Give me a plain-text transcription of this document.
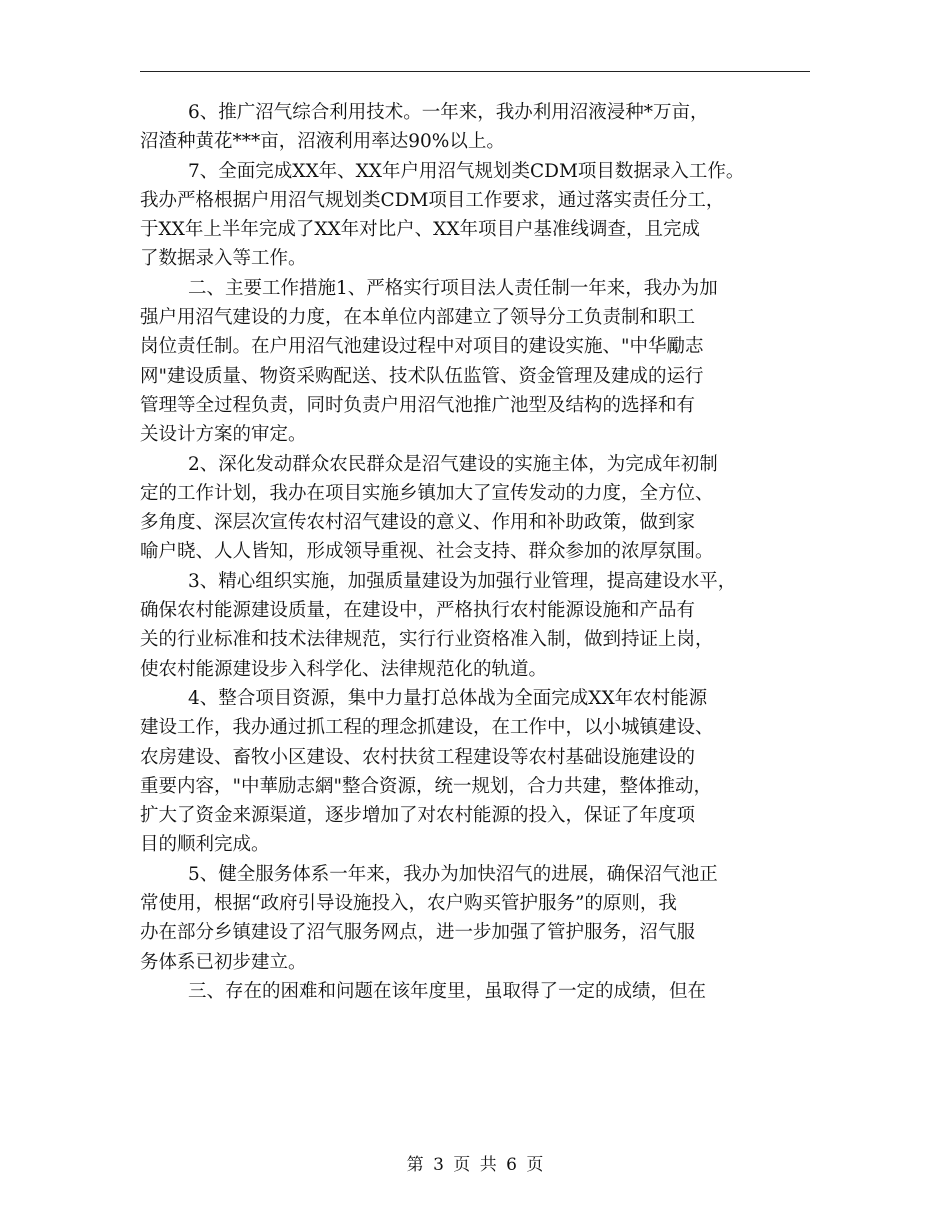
6、推广沼气综合利用技术。一年来，我办利用沼液浸种*万亩，
沼渣种黄花***亩，沼液利用率达90%以上。
7、全面完成XX年、XX年户用沼气规划类CDM项目数据录入工作。
我办严格根据户用沼气规划类CDM项目工作要求，通过落实责任分工，
于XX年上半年完成了XX年对比户、XX年项目户基准线调查，且完成
了数据录入等工作。
二、主要工作措施1、严格实行项目法人责任制一年来，我办为加
强户用沼气建设的力度，在本单位内部建立了领导分工负责制和职工
岗位责任制。在户用沼气池建设过程中对项目的建设实施、"中华勵志
网"建设质量、物资采购配送、技术队伍监管、资金管理及建成的运行
管理等全过程负责，同时负责户用沼气池推广池型及结构的选择和有
关设计方案的审定。
2、深化发动群众农民群众是沼气建设的实施主体，为完成年初制
定的工作计划，我办在项目实施乡镇加大了宣传发动的力度，全方位、
多角度、深层次宣传农村沼气建设的意义、作用和补助政策，做到家
喻户晓、人人皆知，形成领导重视、社会支持、群众参加的浓厚氛围。
3、精心组织实施，加强质量建设为加强行业管理，提高建设水平，
确保农村能源建设质量，在建设中，严格执行农村能源设施和产品有
关的行业标准和技术法律规范，实行行业资格准入制，做到持证上岗，
使农村能源建设步入科学化、法律规范化的轨道。
4、整合项目资源，集中力量打总体战为全面完成XX年农村能源
建设工作，我办通过抓工程的理念抓建设，在工作中，以小城镇建设、
农房建设、畜牧小区建设、农村扶贫工程建设等农村基础设施建设的
重要内容，"中華励志網"整合资源，统一规划，合力共建，整体推动，
扩大了资金来源渠道，逐步增加了对农村能源的投入，保证了年度项
目的顺利完成。
5、健全服务体系一年来，我办为加快沼气的进展，确保沼气池正
常使用，根据“政府引导设施投入，农户购买管护服务”的原则，我
办在部分乡镇建设了沼气服务网点，进一步加强了管护服务，沼气服
务体系已初步建立。
三、存在的困难和问题在该年度里，虽取得了一定的成绩，但在
第 3 页 共 6 页
